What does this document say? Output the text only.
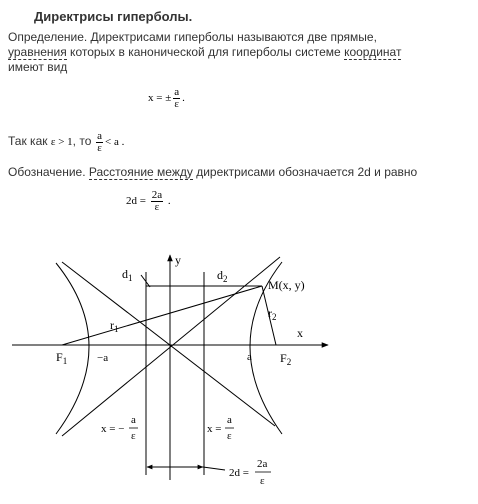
Директрисы гиперболы.
Определение. Директрисами гиперболы называются две прямые,
уравнения которых в канонической для гиперболы системе координат
имеют вид
x = ± $\frac{a}{\varepsilon}$ .
Так как ε > 1, то $\frac{a}{\varepsilon} < a$ .
Обозначение. Расстояние между директрисами обозначается 2d и равно
$2d = \frac{2a}{\varepsilon}$ .
y
x
$d_1$	$d_2$	M(x, y)
$r_1$
$r_2$
$F_1$	$F_2$
−a	a
x = −
a
ε
x =
a
ε
2d =
2a
ε
